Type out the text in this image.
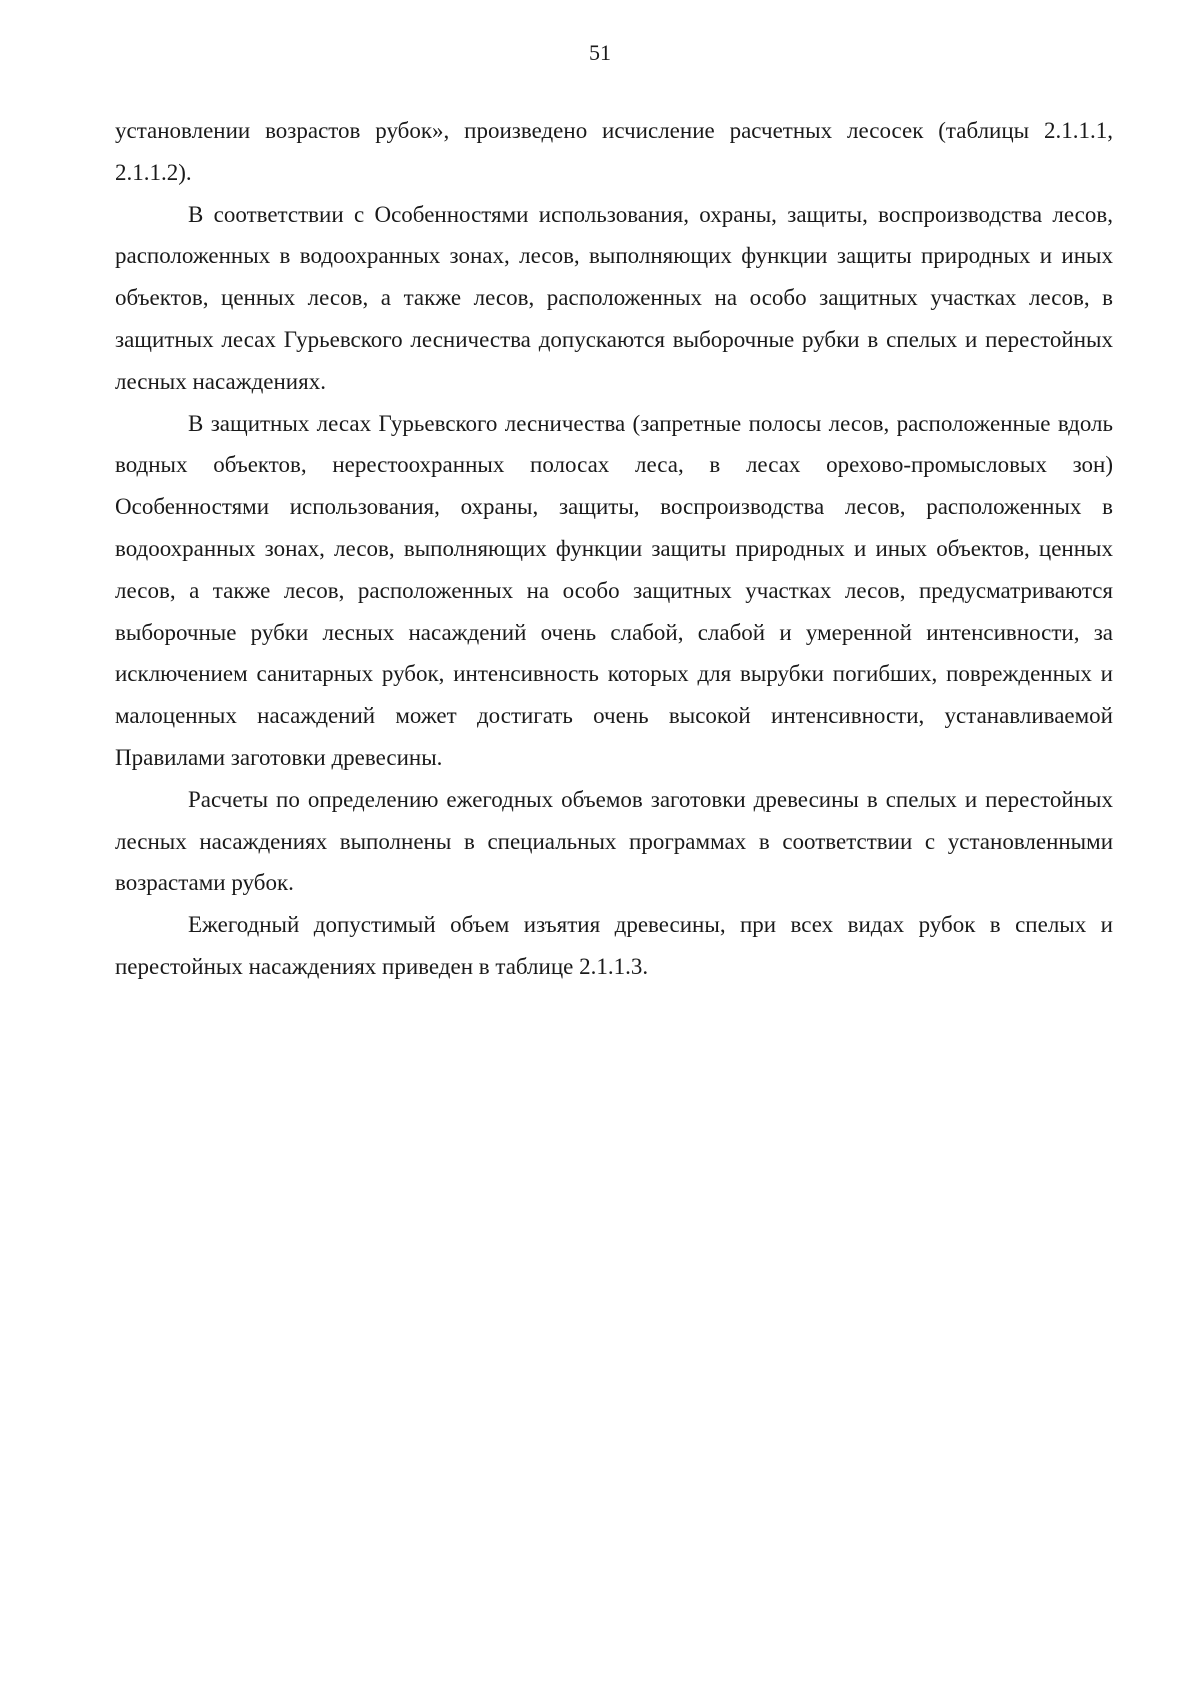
51

установлении возрастов рубок», произведено исчисление расчетных лесосек (таблицы 2.1.1.1, 2.1.1.2).

В соответствии с Особенностями использования, охраны, защиты, воспроизводства лесов, расположенных в водоохранных зонах, лесов, выполняющих функции защиты природных и иных объектов, ценных лесов, а также лесов, расположенных на особо защитных участках лесов, в защитных лесах Гурьевского лесничества допускаются выборочные рубки в спелых и перестойных лесных насаждениях.

В защитных лесах Гурьевского лесничества (запретные полосы лесов, расположенные вдоль водных объектов, нерестоохранных полосах леса, в лесах орехово-промысловых зон) Особенностями использования, охраны, защиты, воспроизводства лесов, расположенных в водоохранных зонах, лесов, выполняющих функции защиты природных и иных объектов, ценных лесов, а также лесов, расположенных на особо защитных участках лесов, предусматриваются выборочные рубки лесных насаждений очень слабой, слабой и умеренной интенсивности, за исключением санитарных рубок, интенсивность которых для вырубки погибших, поврежденных и малоценных насаждений может достигать очень высокой интенсивности, устанавливаемой Правилами заготовки древесины.

Расчеты по определению ежегодных объемов заготовки древесины в спелых и перестойных лесных насаждениях выполнены в специальных программах в соответствии с установленными возрастами рубок.

Ежегодный допустимый объем изъятия древесины, при всех видах рубок в спелых и перестойных насаждениях приведен в таблице 2.1.1.3.
